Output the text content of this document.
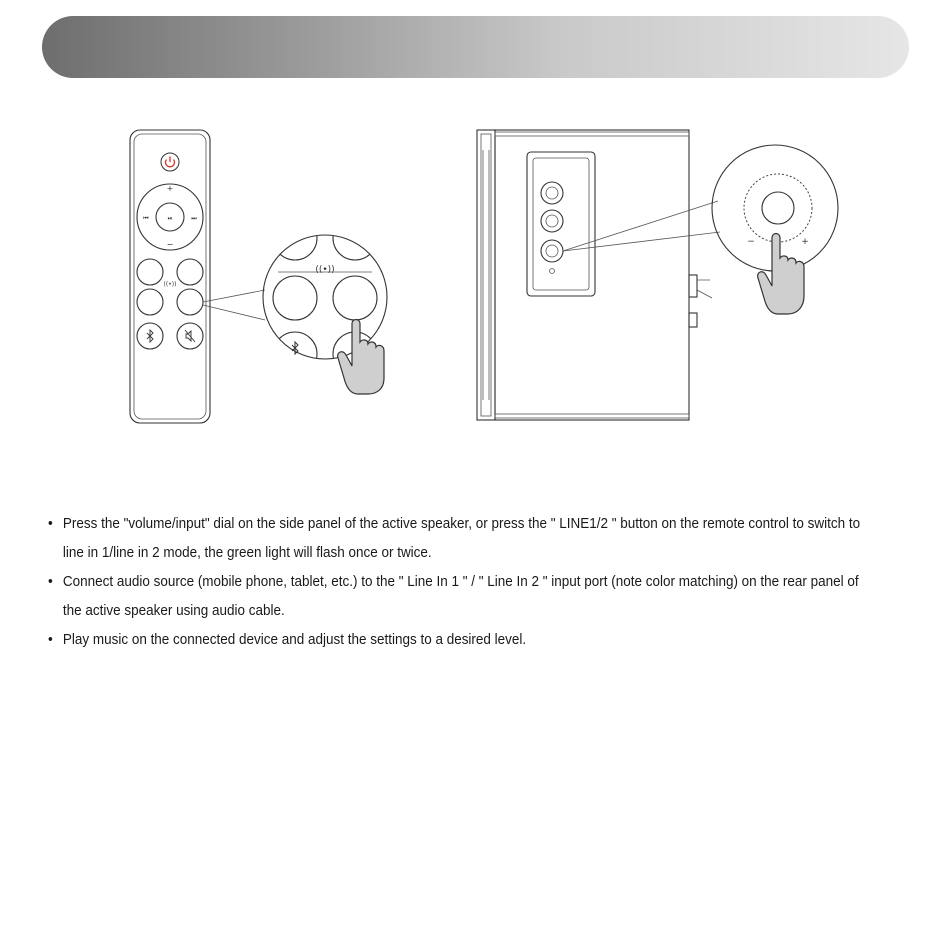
+
−
⏮	⏯	⏭
((•))
((•))
−	+
• Press the "volume/input" dial on the side panel of the active speaker, or press the " LINE1/2 " button on the remote control to switch to line in 1/line in 2 mode, the green light will flash once or twice.
• Connect audio source (mobile phone, tablet, etc.) to the " Line In 1 " / " Line In 2 " input port (note color matching) on the rear panel of the active speaker using audio cable.
• Play music on the connected device and adjust the settings to a desired level.
